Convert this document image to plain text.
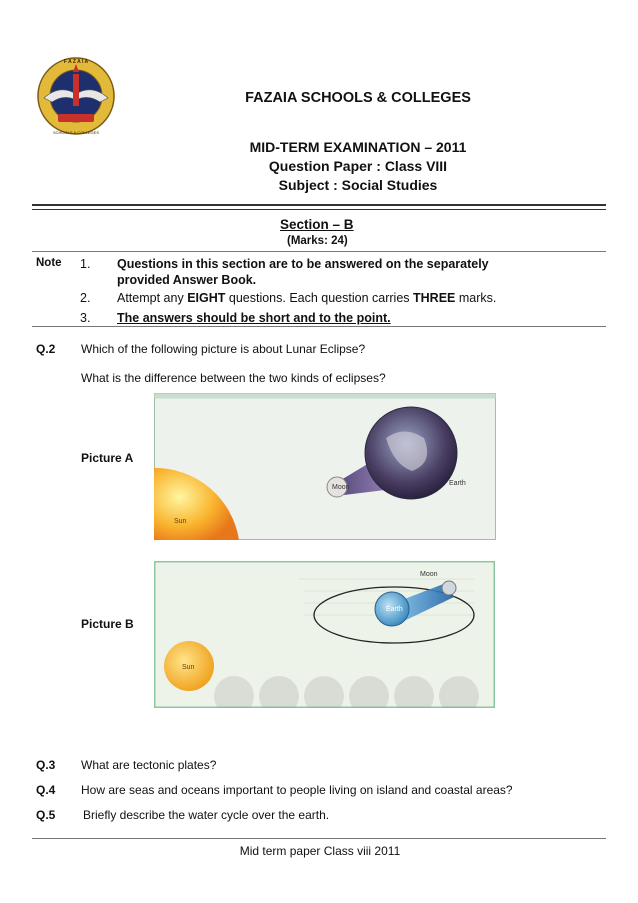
F A Z A I A
SCHOOLS & COLLEGES
FAZAIA SCHOOLS & COLLEGES
MID-TERM EXAMINATION – 2011
Question Paper : Class VIII
Subject : Social Studies
Section – B
(Marks: 24)
Note 1. Questions in this section are to be answered on the separately
provided Answer Book.
2. Attempt any EIGHT questions. Each question carries THREE marks.
3. The answers should be short and to the point.
Q.2 Which of the following picture is about Lunar Eclipse?
What is the difference between the two kinds of eclipses?
Picture A
Moon
Earth
Sun
Picture B
Earth
Moon
Sun
Q.3 What are tectonic plates?
Q.4 How are seas and oceans important to people living on island and coastal areas?
Q.5 Briefly describe the water cycle over the earth.
Mid term paper Class viii 2011
